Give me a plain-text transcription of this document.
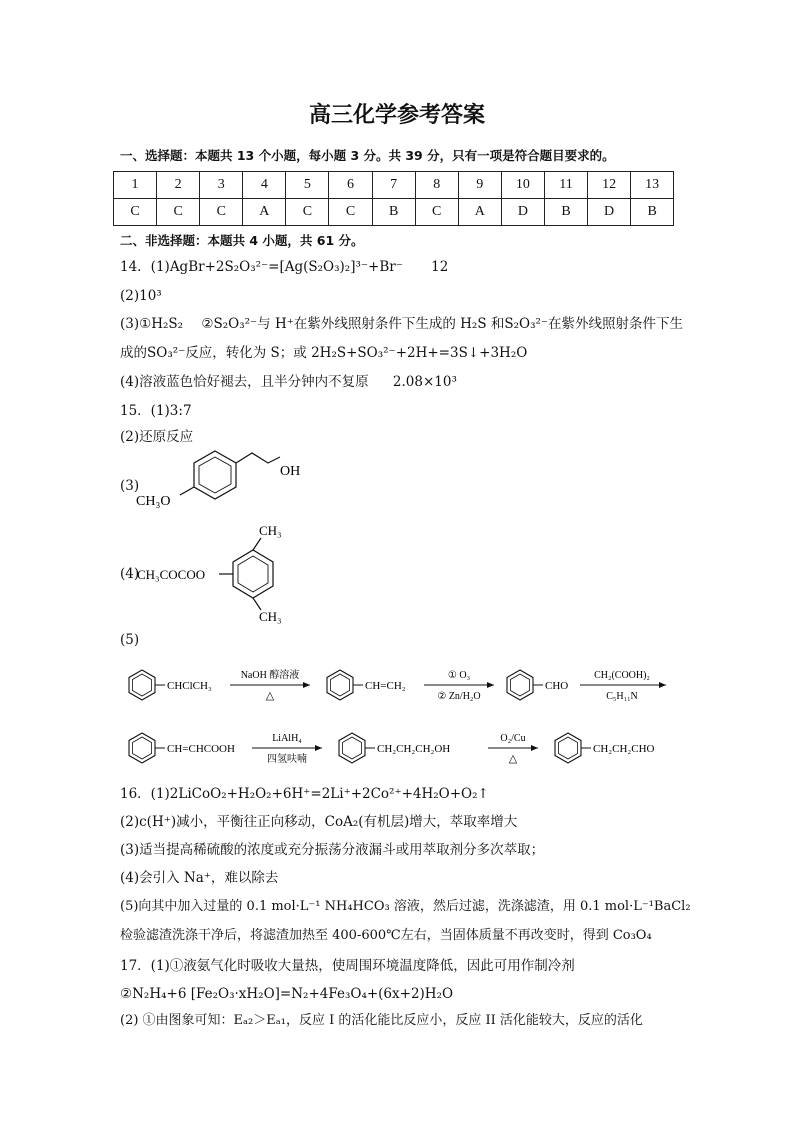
高三化学参考答案
一、选择题：本题共 13 个小题，每小题 3 分。共 39 分，只有一项是符合题目要求的。
1	2	3	4	5	6	7	8	9	10	11	12	13
C	C	C	A	C	C	B	C	A	D	B	D	B
二、非选择题：本题共 4 小题，共 61 分。
14．(1)AgBr+2S₂O₃²⁻=[Ag(S₂O₃)₂]³⁻+Br⁻ 12
(2)10³
(3)①H₂S₂ ②S₂O₃²⁻与 H⁺在紫外线照射条件下生成的 H₂S 和S₂O₃²⁻在紫外线照射条件下生
成的SO₃²⁻反应，转化为 S；或 2H₂S+SO₃²⁻+2H+=3S↓+3H₂O
(4)溶液蓝色恰好褪去，且半分钟内不复原 2.08×10³
15．(1)3:7
(2)还原反应
(3)
OH
CH₃O
(4)
CH₃
CH₃
CH₃COCOO
(5)
CHClCH₃
NaOH 醇溶液
△
CH=CH₂
① O₃
② Zn/H₂O
CHO
CH₂(COOH)₂
C₅H₁₁N
CH=CHCOOH
LiAlH₄
四氢呋喃
CH₂CH₂CH₂OH
O₂/Cu
△
CH₂CH₂CHO
16．(1)2LiCoO₂+H₂O₂+6H⁺=2Li⁺+2Co²⁺+4H₂O+O₂↑
(2)c(H⁺)减小，平衡往正向移动，CoA₂(有机层)增大，萃取率增大
(3)适当提高稀硫酸的浓度或充分振荡分液漏斗或用萃取剂分多次萃取；
(4)会引入 Na⁺，难以除去
(5)向其中加入过量的 0.1 mol·L⁻¹ NH₄HCO₃ 溶液，然后过滤，洗涤滤渣，用 0.1 mol·L⁻¹BaCl₂
检验滤渣洗涤干净后，将滤渣加热至 400-600℃左右，当固体质量不再改变时，得到 Co₃O₄
17．(1)①液氨气化时吸收大量热，使周围环境温度降低，因此可用作制冷剂
②N₂H₄+6 [Fe₂O₃·xH₂O]=N₂+4Fe₃O₄+(6x+2)H₂O
(2) ①由图象可知：Eₐ₂＞Eₐ₁，反应 I 的活化能比反应小，反应 II 活化能较大，反应的活化
